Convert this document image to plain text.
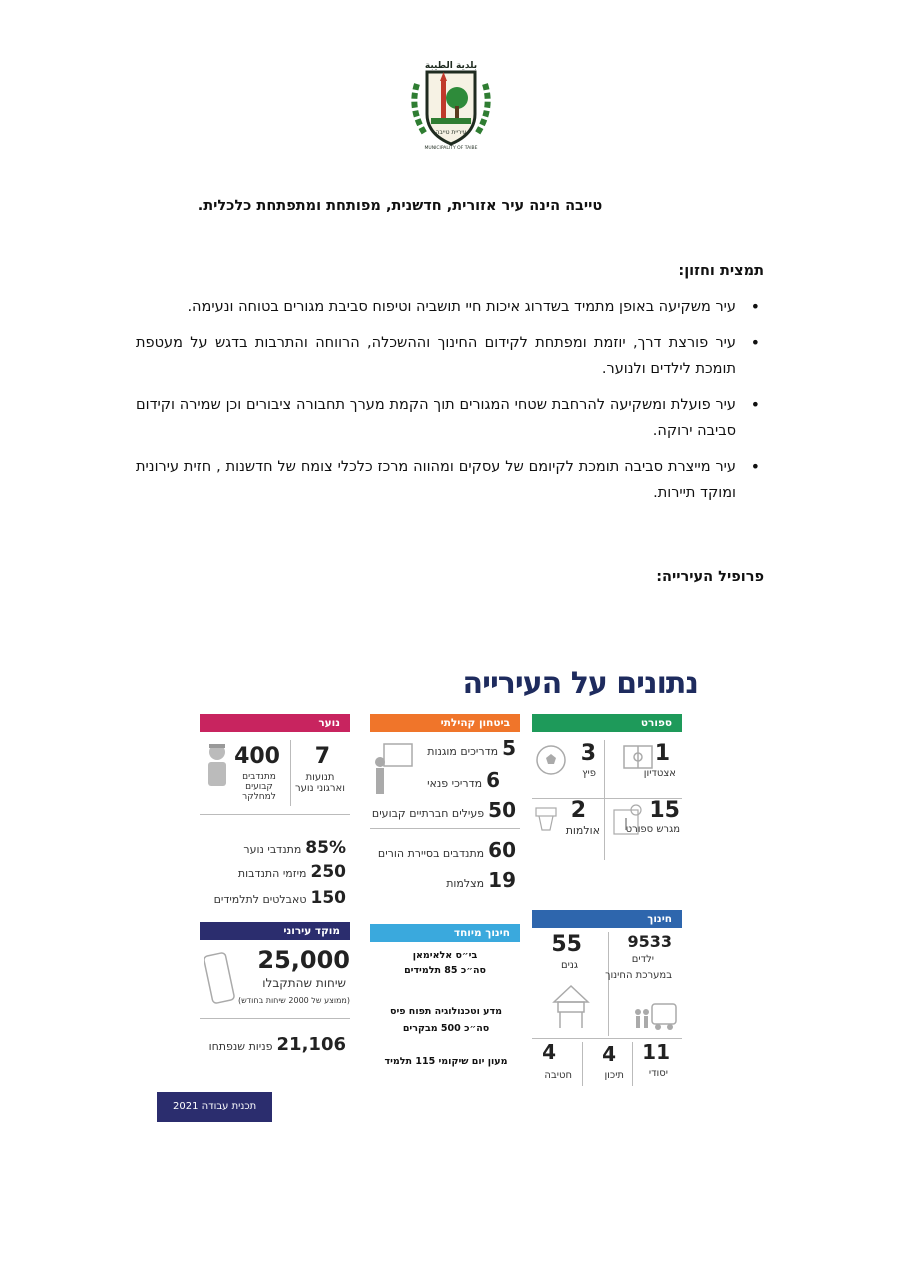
بلدية الطيبة
עיריית טייבה
MUNICIPALITY OF TAIBE
טייבה הינה עיר אזורית, חדשנית, מפותחת ומתפתחת כלכלית.
תמצית וחזון:
• עיר משקיעה באופן מתמיד בשדרוג איכות חיי תושביה וטיפוח סביבת מגורים בטוחה ונעימה.
• עיר פורצת דרך, יוזמת ומפתחת לקידום החינוך וההשכלה, הרווחה והתרבות בדגש על מעטפת תומכת לילדים ולנוער.
• עיר פועלת ומשקיעה להרחבת שטחי המגורים תוך הקמת מערך תחבורה ציבורים וכן שמירה וקידום סביבה ירוקה.
• עיר מייצרת סביבה תומכת לקיומם של עסקים ומהווה מרכז כלכלי צומח של חדשנות , חזית עירונית ומוקד תיירות.
פרופיל העירייה:
נתונים על העירייה
ספורט
1
אצטדיון
3
פיץ
15
מגרש ספורט
2
אולמות
חינוך
9533
ילדים
במערכת החינוך
55
גנים
11
יסודי
4
תיכון
4
חטיבה
ביטחון קהילתי
5
מדריכים מוגנות
6
מדריכי פנאי
50
פעילים חברתיים קבועים
60
מתנדבים בסיירת הורים
19
מצלמות
חינוך מיוחד
בי״ס אלאימאן
סה״כ 85 תלמידים
מדע וטכנולוגיה תפוח פיס
סה״כ 500 מבקרים
מעון יום שיקומי 115 תלמיד
נוער
7
תנועות וארגוני נוער
400
מתנדבים קבועים למחלקר
85%
מתנדבי נוער
250
מיזמי התנדבות
150
טאבלטים לתלמידים
מוקד עירוני
25,000
שיחות שהתקבלו
(ממוצע של 2000 שיחות בחודש)
21,106
פניות שנפתחו
תכנית עבודה 2021
